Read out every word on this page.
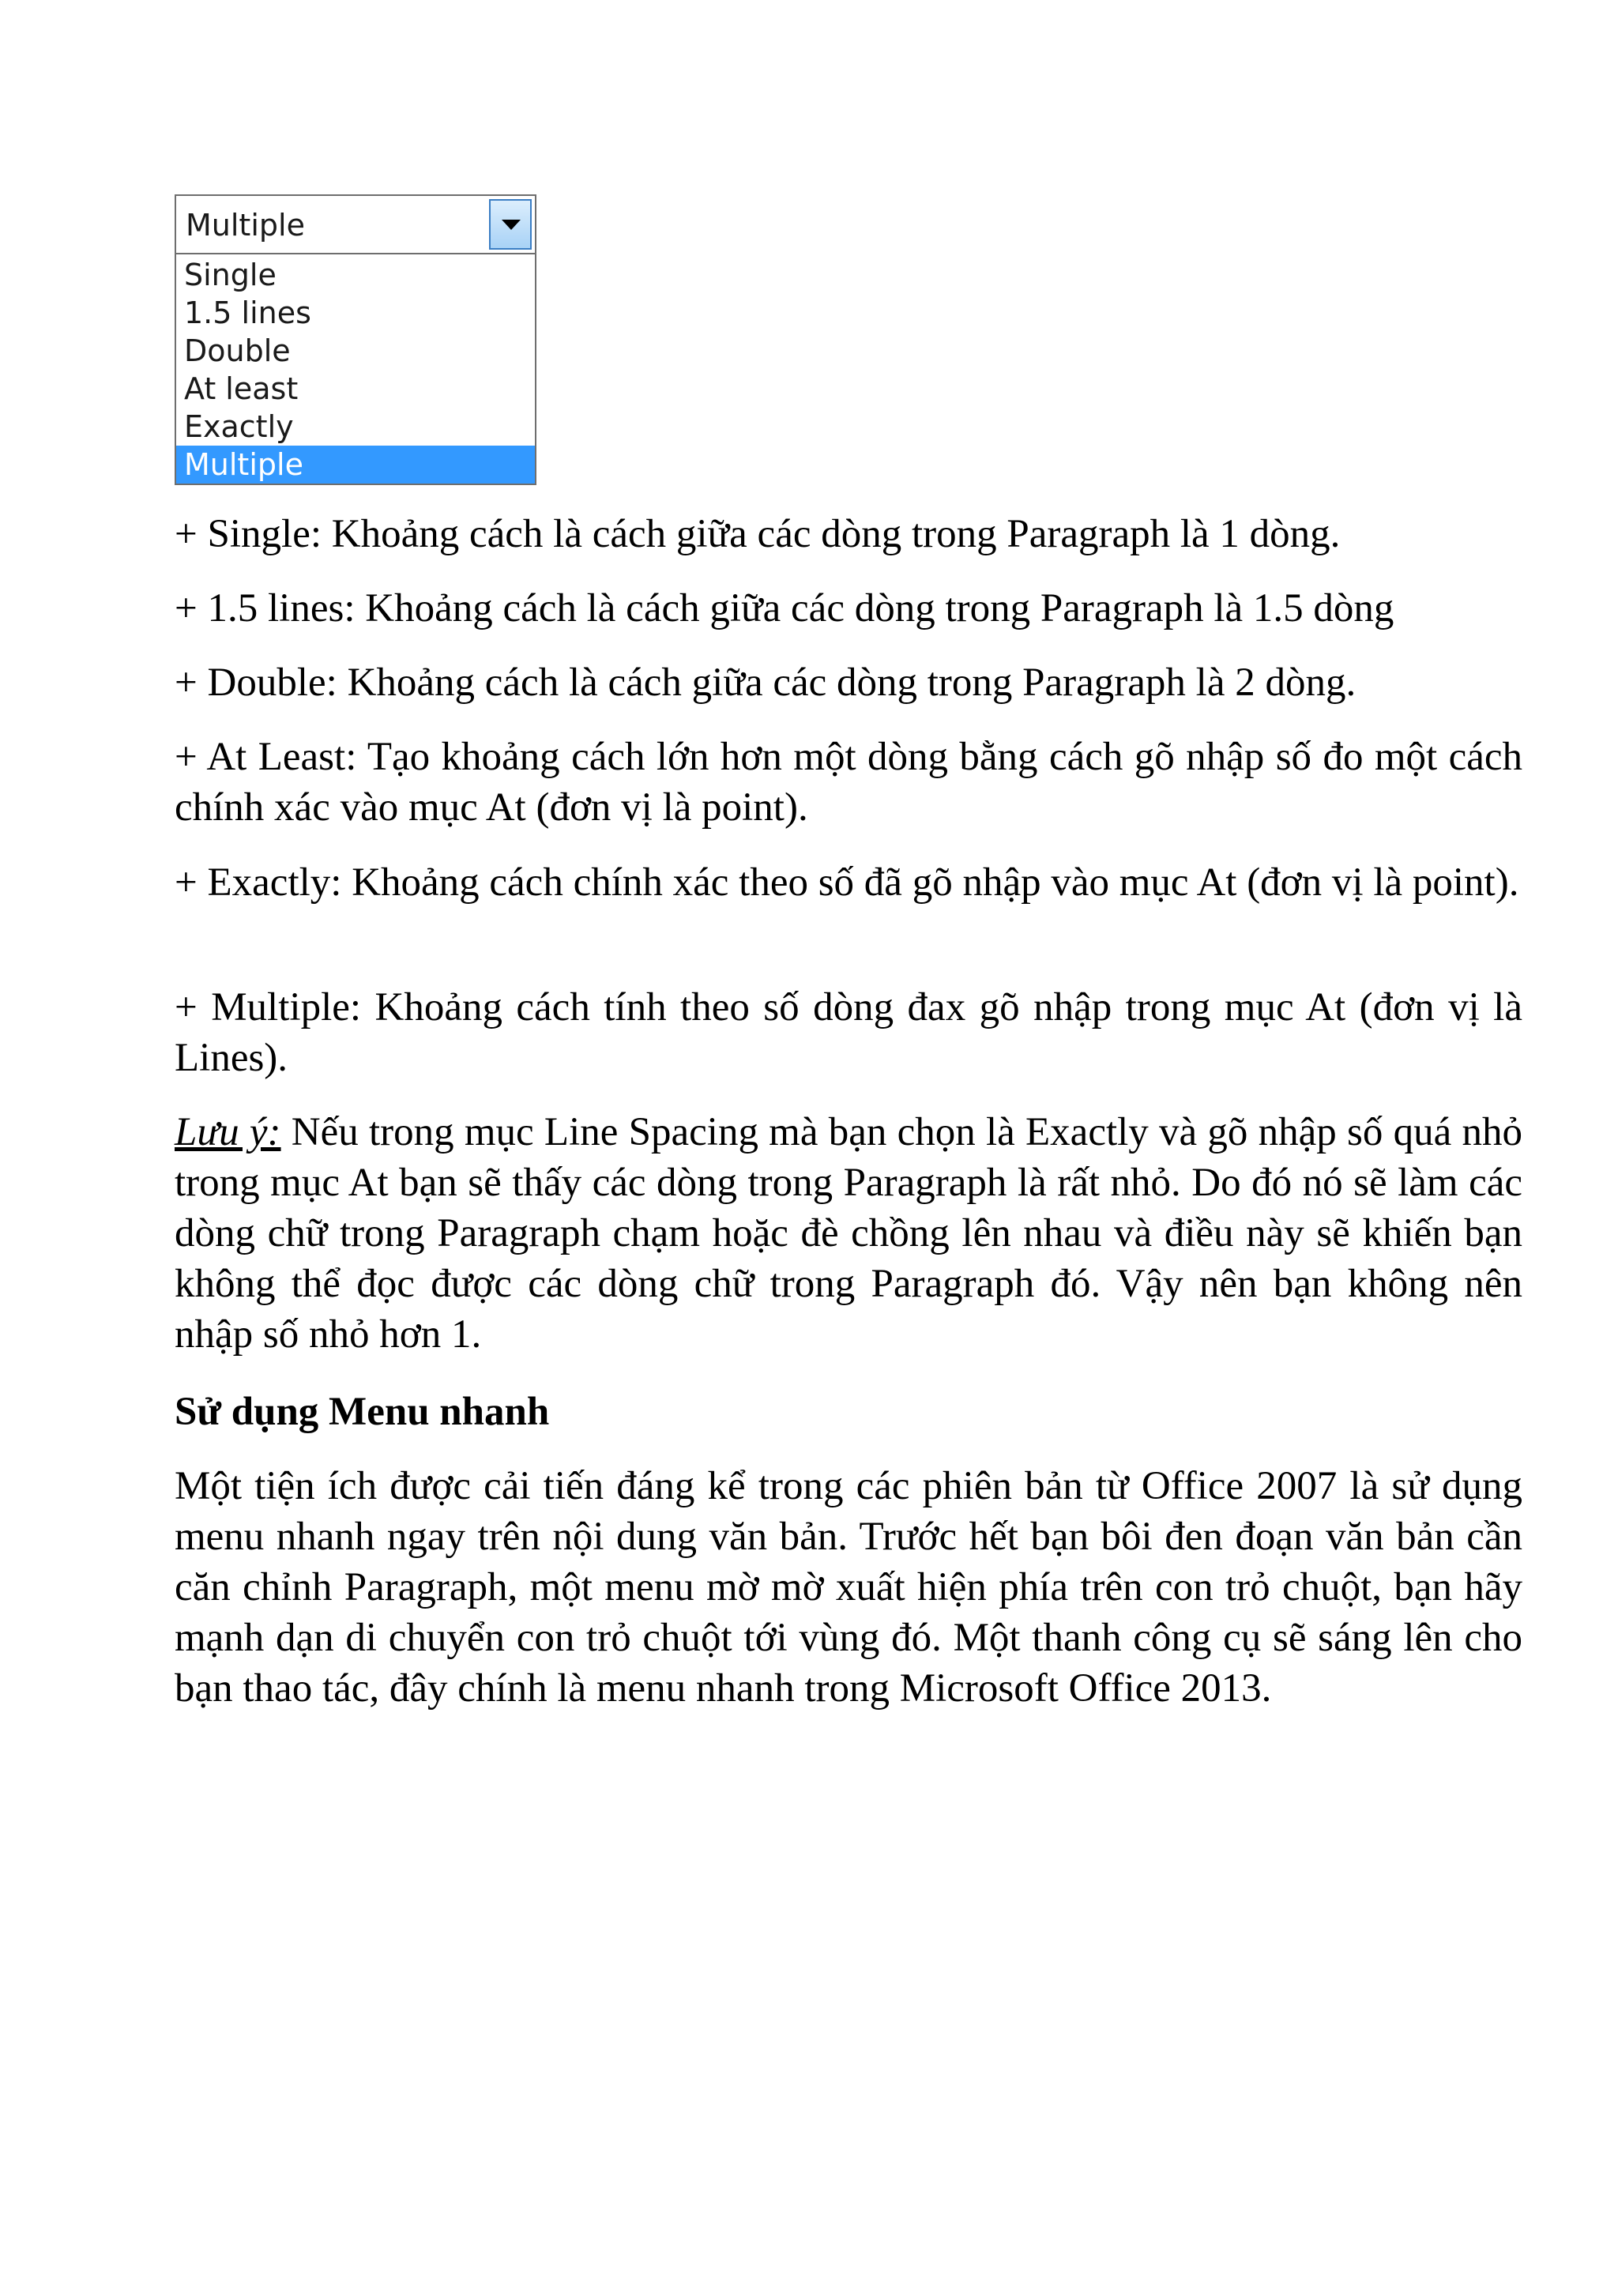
Multiple
Single
1.5 lines
Double
At least
Exactly
Multiple
+ Single: Khoảng cách là cách giữa các dòng trong Paragraph là 1 dòng.
+ 1.5 lines: Khoảng cách là cách giữa các dòng trong Paragraph là 1.5 dòng
+ Double: Khoảng cách là cách giữa các dòng trong Paragraph là 2 dòng.
+ At Least: Tạo khoảng cách lớn hơn một dòng bằng cách gõ nhập số đo một cách chính xác vào mục At (đơn vị là point).
+ Exactly: Khoảng cách chính xác theo số đã gõ nhập vào mục At (đơn vị là point).
+ Multiple: Khoảng cách tính theo số dòng đax gõ nhập trong mục At (đơn vị là Lines).
Lưu ý: Nếu trong mục Line Spacing mà bạn chọn là Exactly và gõ nhập số quá nhỏ trong mục At bạn sẽ thấy các dòng trong Paragraph là rất nhỏ. Do đó nó sẽ làm các dòng chữ trong Paragraph chạm hoặc đè chồng lên nhau và điều này sẽ khiến bạn không thể đọc được các dòng chữ trong Paragraph đó. Vậy nên bạn không nên nhập số nhỏ hơn 1.
Sử dụng Menu nhanh
Một tiện ích được cải tiến đáng kể trong các phiên bản từ Office 2007 là sử dụng menu nhanh ngay trên nội dung văn bản. Trước hết bạn bôi đen đoạn văn bản cần căn chỉnh Paragraph, một menu mờ mờ xuất hiện phía trên con trỏ chuột, bạn hãy mạnh dạn di chuyển con trỏ chuột tới vùng đó. Một thanh công cụ sẽ sáng lên cho bạn thao tác, đây chính là menu nhanh trong Microsoft Office 2013.
